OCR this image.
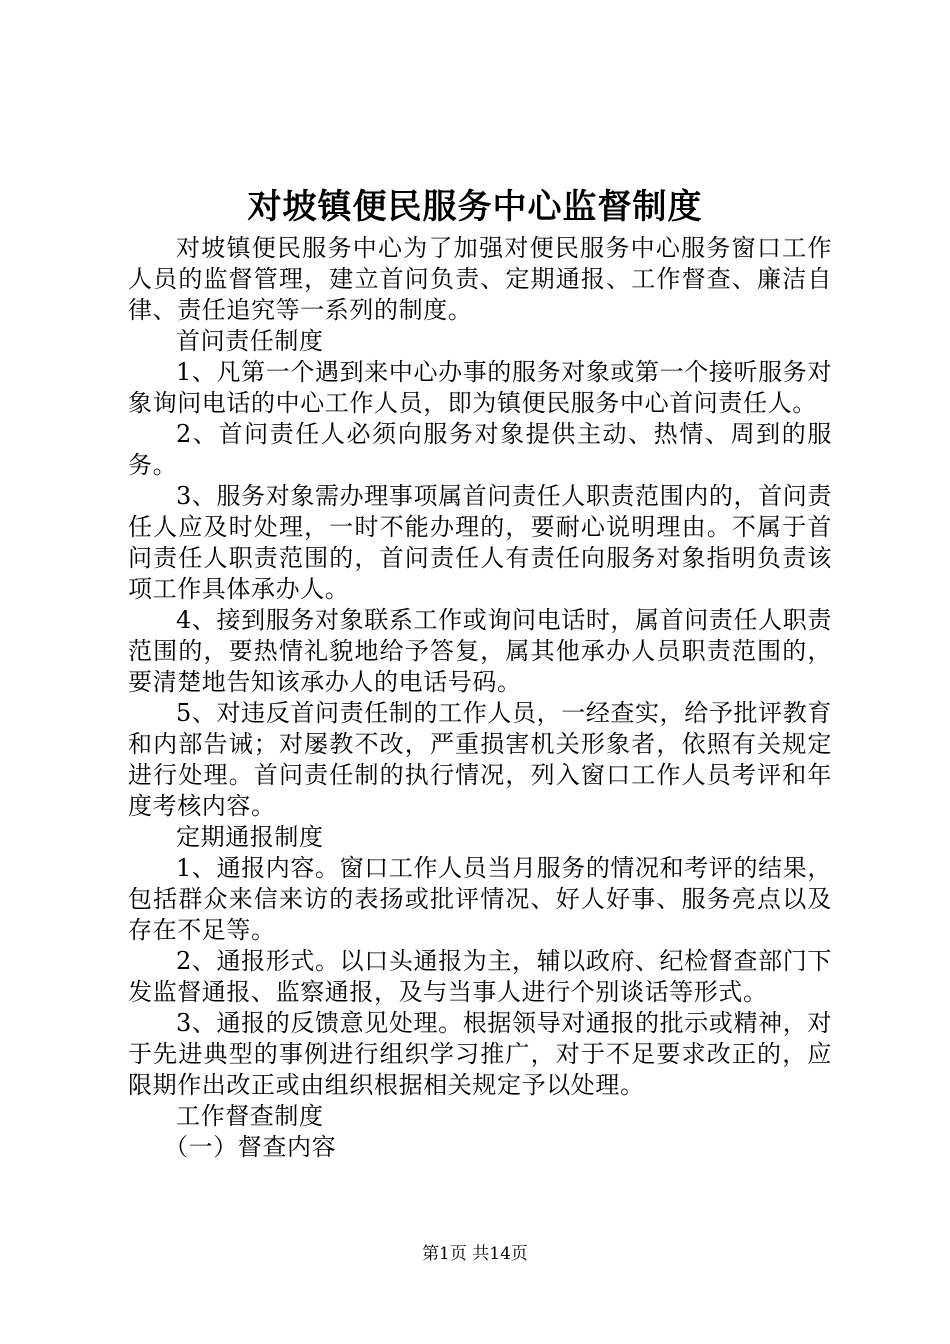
对坡镇便民服务中心监督制度

对坡镇便民服务中心为了加强对便民服务中心服务窗口工作人员的监督管理，建立首问负责、定期通报、工作督查、廉洁自律、责任追究等一系列的制度。

首问责任制度

1、凡第一个遇到来中心办事的服务对象或第一个接听服务对象询问电话的中心工作人员，即为镇便民服务中心首问责任人。

2、首问责任人必须向服务对象提供主动、热情、周到的服务。

3、服务对象需办理事项属首问责任人职责范围内的，首问责任人应及时处理，一时不能办理的，要耐心说明理由。不属于首问责任人职责范围的，首问责任人有责任向服务对象指明负责该项工作具体承办人。

4、接到服务对象联系工作或询问电话时，属首问责任人职责范围的，要热情礼貌地给予答复，属其他承办人员职责范围的，要清楚地告知该承办人的电话号码。

5、对违反首问责任制的工作人员，一经查实，给予批评教育和内部告诫；对屡教不改，严重损害机关形象者，依照有关规定进行处理。首问责任制的执行情况，列入窗口工作人员考评和年度考核内容。

定期通报制度

1、通报内容。窗口工作人员当月服务的情况和考评的结果，包括群众来信来访的表扬或批评情况、好人好事、服务亮点以及存在不足等。

2、通报形式。以口头通报为主，辅以政府、纪检督查部门下发监督通报、监察通报，及与当事人进行个别谈话等形式。

3、通报的反馈意见处理。根据领导对通报的批示或精神，对于先进典型的事例进行组织学习推广，对于不足要求改正的，应限期作出改正或由组织根据相关规定予以处理。

工作督查制度

（一）督查内容

第1页 共14页
